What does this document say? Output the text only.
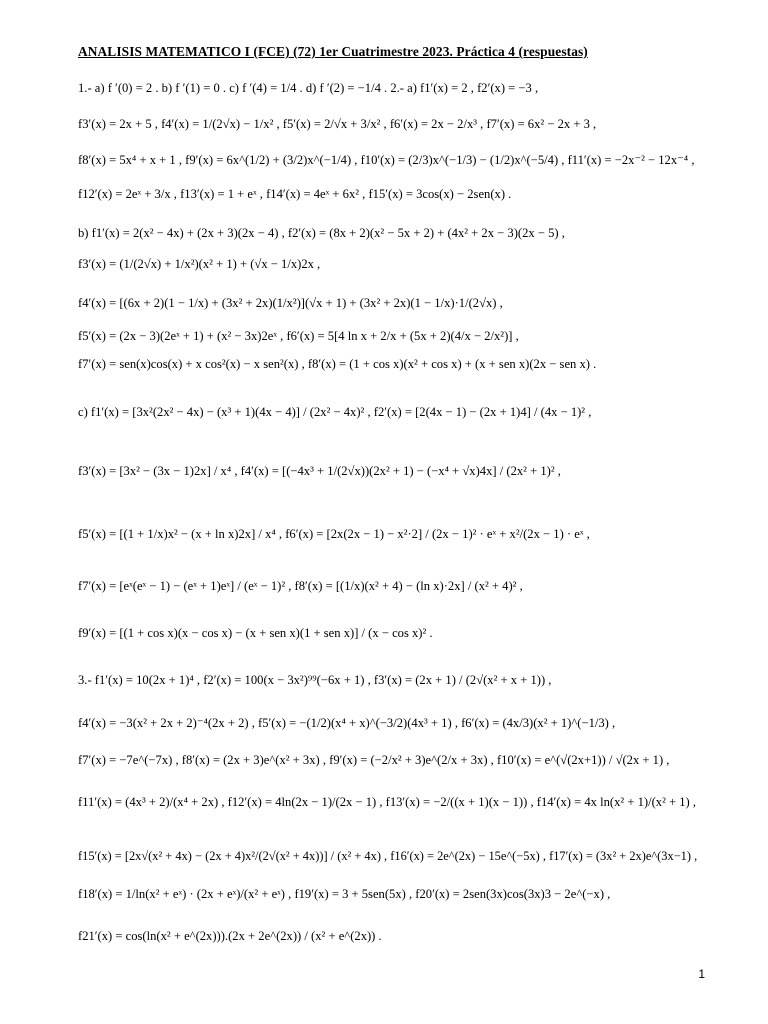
ANALISIS MATEMATICO I (FCE) (72) 1er Cuatrimestre 2023. Práctica 4 (respuestas)
1.- a) f ′(0) = 2 . b) f ′(1) = 0 . c) f ′(4) = 1/4 . d) f ′(2) = −1/4 . 2.- a) f1′(x) = 2 , f2′(x) = −3 ,
f3′(x) = 2x + 5 , f4′(x) = 1/(2√x) − 1/x² , f5′(x) = 2/√x + 3/x² , f6′(x) = 2x − 2/x³ , f7′(x) = 6x² − 2x + 3 ,
f8′(x) = 5x⁴ + x + 1 , f9′(x) = 6x^(1/2) + (3/2)x^(−1/4) , f10′(x) = (2/3)x^(−1/3) − (1/2)x^(−5/4) , f11′(x) = −2x⁻² − 12x⁻⁴ ,
f12′(x) = 2eˣ + 3/x , f13′(x) = 1 + eˣ , f14′(x) = 4eˣ + 6x² , f15′(x) = 3cos(x) − 2sen(x) .
b) f1′(x) = 2(x² − 4x) + (2x + 3)(2x − 4) , f2′(x) = (8x + 2)(x² − 5x + 2) + (4x² + 2x − 3)(2x − 5) ,
f3′(x) = (1/(2√x) + 1/x²)(x² + 1) + (√x − 1/x)2x ,
f4′(x) = [(6x + 2)(1 − 1/x) + (3x² + 2x)(1/x²)](√x + 1) + (3x² + 2x)(1 − 1/x)·1/(2√x) ,
f5′(x) = (2x − 3)(2eˣ + 1) + (x² − 3x)2eˣ , f6′(x) = 5[4 ln x + 2/x + (5x + 2)(4/x − 2/x²)] ,
f7′(x) = sen(x)cos(x) + x cos²(x) − x sen²(x) , f8′(x) = (1 + cos x)(x² + cos x) + (x + sen x)(2x − sen x) .
c) f1′(x) = [3x²(2x² − 4x) − (x³ + 1)(4x − 4)] / (2x² − 4x)² , f2′(x) = [2(4x − 1) − (2x + 1)4] / (4x − 1)² ,
f3′(x) = [3x² − (3x − 1)2x] / x⁴ , f4′(x) = [(−4x³ + 1/(2√x))(2x² + 1) − (−x⁴ + √x)4x] / (2x² + 1)² ,
f5′(x) = [(1 + 1/x)x² − (x + ln x)2x] / x⁴ , f6′(x) = [2x(2x − 1) − x²·2] / (2x − 1)² · eˣ + x²/(2x − 1) · eˣ ,
f7′(x) = [eˣ(eˣ − 1) − (eˣ + 1)eˣ] / (eˣ − 1)² , f8′(x) = [(1/x)(x² + 4) − (ln x)·2x] / (x² + 4)² ,
f9′(x) = [(1 + cos x)(x − cos x) − (x + sen x)(1 + sen x)] / (x − cos x)² .
3.- f1′(x) = 10(2x + 1)⁴ , f2′(x) = 100(x − 3x²)⁹⁹(−6x + 1) , f3′(x) = (2x + 1) / (2√(x² + x + 1)) ,
f4′(x) = −3(x² + 2x + 2)⁻⁴(2x + 2) , f5′(x) = −(1/2)(x⁴ + x)^(−3/2)(4x³ + 1) , f6′(x) = (4x/3)(x² + 1)^(−1/3) ,
f7′(x) = −7e^(−7x) , f8′(x) = (2x + 3)e^(x² + 3x) , f9′(x) = (−2/x² + 3)e^(2/x + 3x) , f10′(x) = e^(√(2x+1)) / √(2x + 1) ,
f11′(x) = (4x³ + 2)/(x⁴ + 2x) , f12′(x) = 4ln(2x − 1)/(2x − 1) , f13′(x) = −2/((x + 1)(x − 1)) , f14′(x) = 4x ln(x² + 1)/(x² + 1) ,
f15′(x) = [2x√(x² + 4x) − (2x + 4)x²/(2√(x² + 4x))] / (x² + 4x) , f16′(x) = 2e^(2x) − 15e^(−5x) , f17′(x) = (3x² + 2x)e^(3x−1) ,
f18′(x) = 1/ln(x² + eˣ) · (2x + eˣ)/(x² + eˣ) , f19′(x) = 3 + 5sen(5x) , f20′(x) = 2sen(3x)cos(3x)3 − 2e^(−x) ,
f21′(x) = cos(ln(x² + e^(2x))).(2x + 2e^(2x)) / (x² + e^(2x)) .
1
